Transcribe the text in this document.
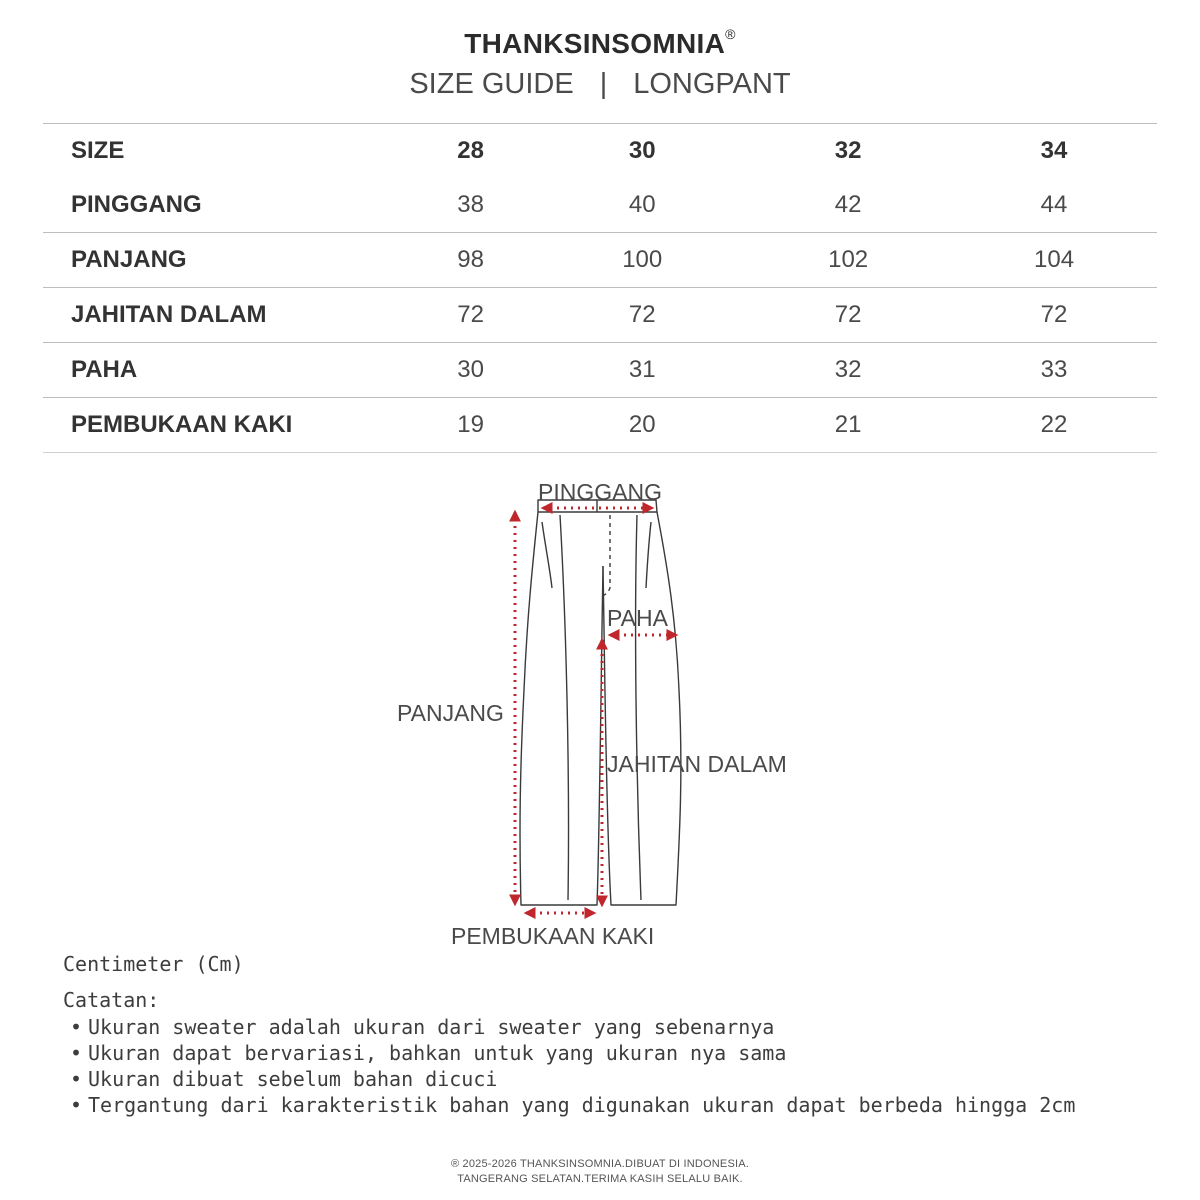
THANKSINSOMNIA®
SIZE GUIDE | LONGPANT
SIZE	28	30	32	34
PINGGANG	38	40	42	44
PANJANG	98	100	102	104
JAHITAN DALAM	72	72	72	72
PAHA	30	31	32	33
PEMBUKAAN KAKI	19	20	21	22
PINGGANG
PAHA
PANJANG
JAHITAN DALAM
PEMBUKAAN KAKI
Centimeter (Cm)
Catatan:
• Ukuran sweater adalah ukuran dari sweater yang sebenarnya
• Ukuran dapat bervariasi, bahkan untuk yang ukuran nya sama
• Ukuran dibuat sebelum bahan dicuci
• Tergantung dari karakteristik bahan yang digunakan ukuran dapat berbeda hingga 2cm
® 2025-2026 THANKSINSOMNIA.DIBUAT DI INDONESIA.
TANGERANG SELATAN.TERIMA KASIH SELALU BAIK.
